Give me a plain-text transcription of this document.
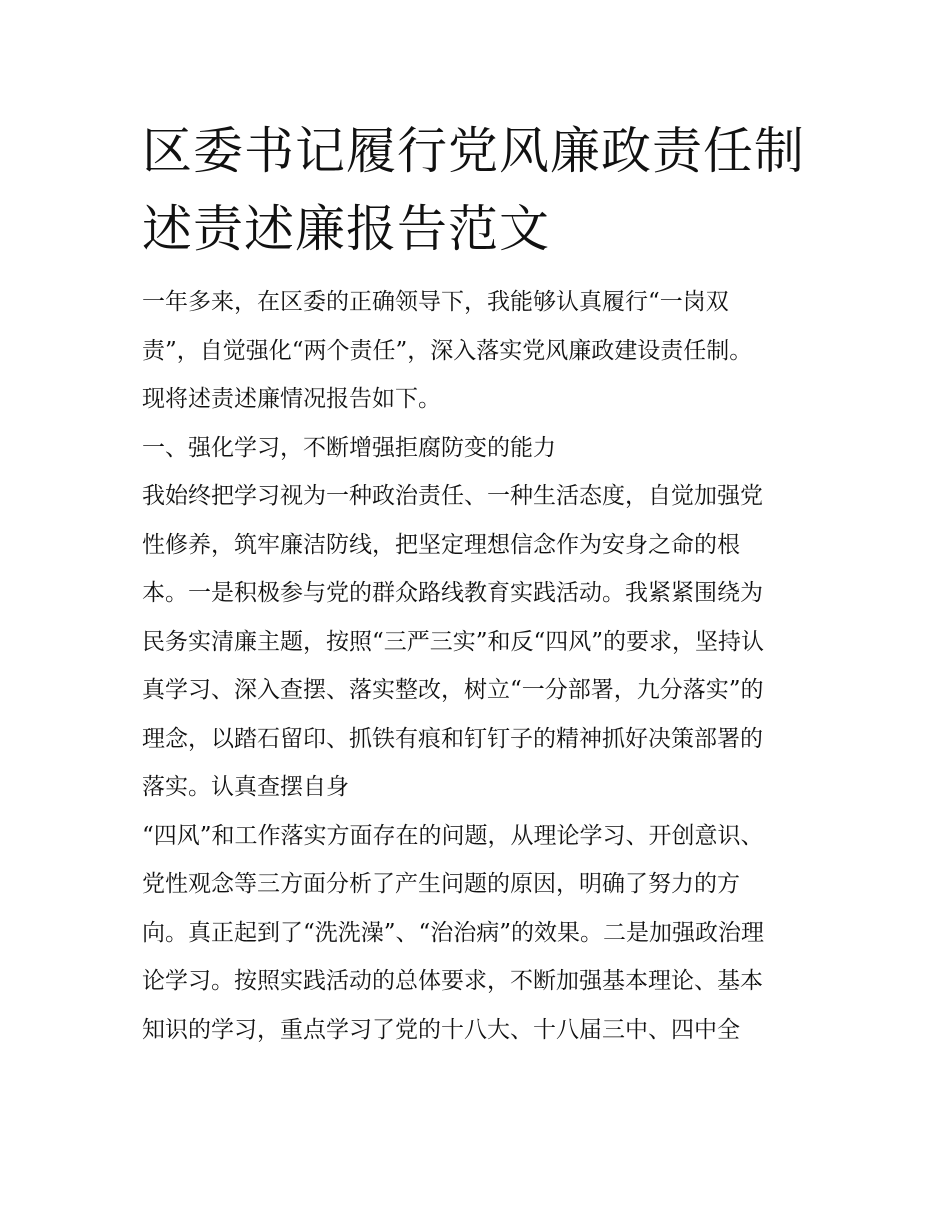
区委书记履行党风廉政责任制
述责述廉报告范文
一年多来，在区委的正确领导下，我能够认真履行“一岗双
责”，自觉强化“两个责任”，深入落实党风廉政建设责任制。
现将述责述廉情况报告如下。
一、强化学习，不断增强拒腐防变的能力
我始终把学习视为一种政治责任、一种生活态度，自觉加强党
性修养，筑牢廉洁防线，把坚定理想信念作为安身之命的根
本。一是积极参与党的群众路线教育实践活动。我紧紧围绕为
民务实清廉主题，按照“三严三实”和反“四风”的要求，坚持认
真学习、深入查摆、落实整改，树立“一分部署，九分落实”的
理念，以踏石留印、抓铁有痕和钉钉子的精神抓好决策部署的
落实。认真查摆自身
“四风”和工作落实方面存在的问题，从理论学习、开创意识、
党性观念等三方面分析了产生问题的原因，明确了努力的方
向。真正起到了“洗洗澡”、“治治病”的效果。二是加强政治理
论学习。按照实践活动的总体要求，不断加强基本理论、基本
知识的学习，重点学习了党的十八大、十八届三中、四中全
